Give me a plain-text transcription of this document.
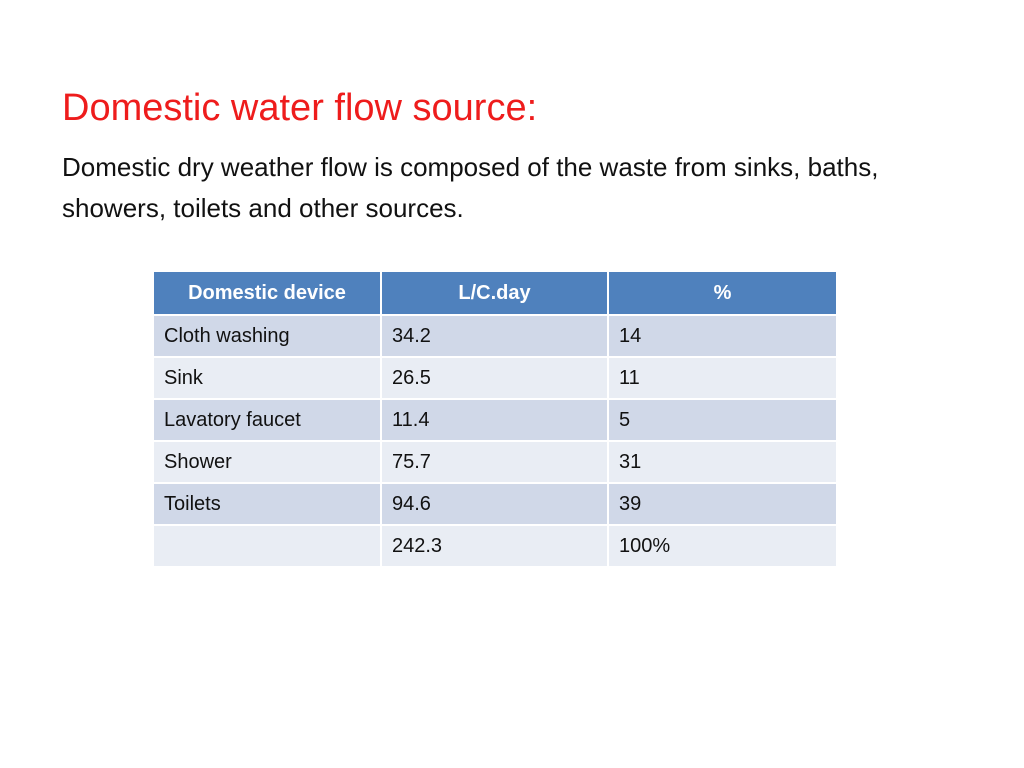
Domestic water flow source:
Domestic dry weather flow is composed of the waste from sinks, baths, showers, toilets and other sources.
Domestic device	L/C.day	%
Cloth washing	34.2	14
Sink	26.5	11
Lavatory faucet	11.4	5
Shower	75.7	31
Toilets	94.6	39
	242.3	100%
